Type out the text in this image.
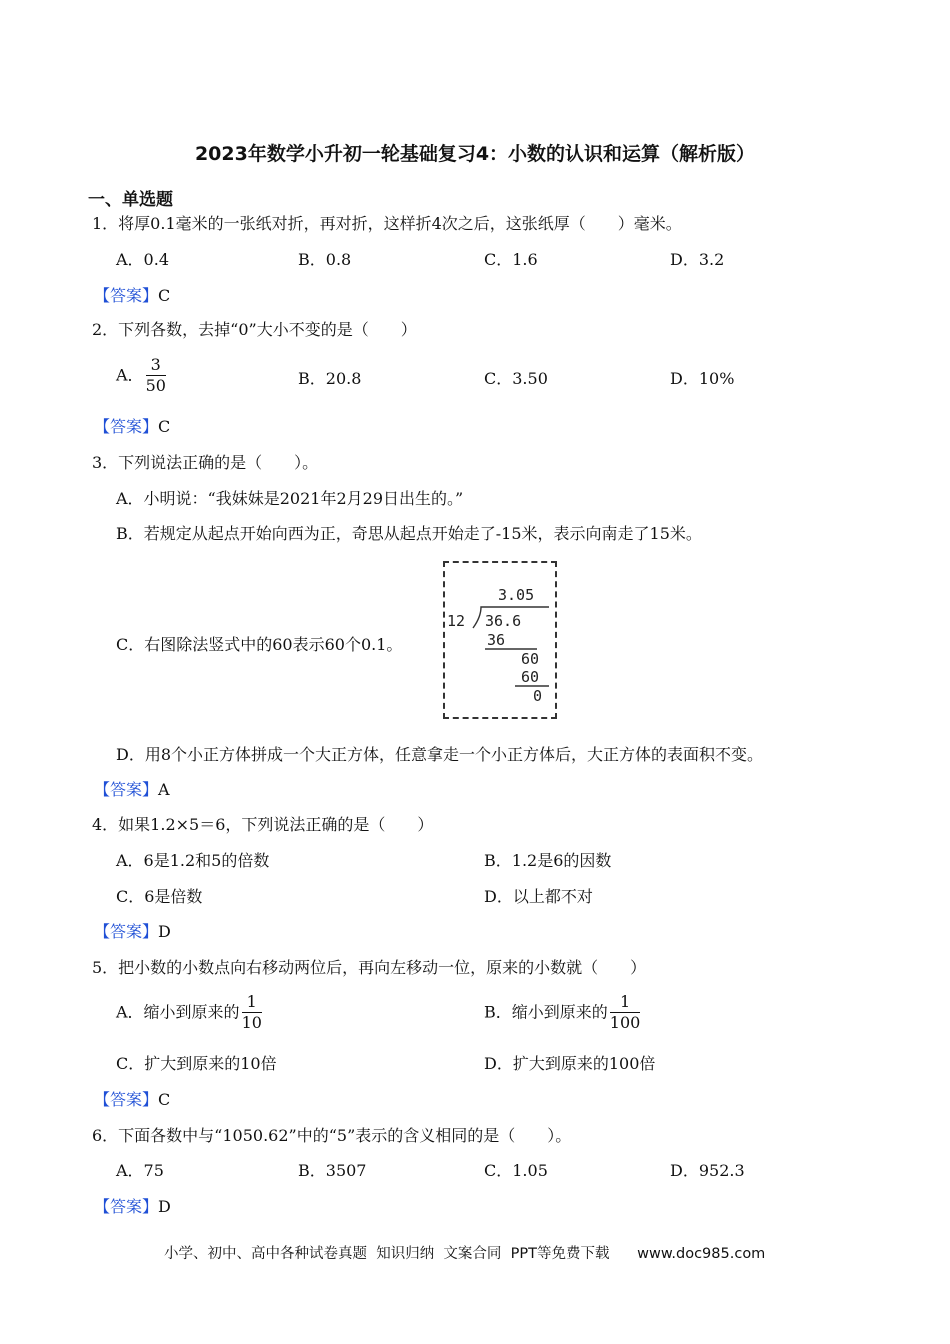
2023年数学小升初一轮基础复习4：小数的认识和运算（解析版）
一、单选题
1．将厚0.1毫米的一张纸对折，再对折，这样折4次之后，这张纸厚（　　）毫米。
A．0.4	B．0.8	C．1.6	D．3.2
【答案】C
2．下列各数，去掉“0”大小不变的是（　　）
A． $\frac{3}{50}$	B．20.8	C．3.50	D．10%
【答案】C
3．下列说法正确的是（　　）。
A．小明说：“我妹妹是2021年2月29日出生的。”
B．若规定从起点开始向西为正，奇思从起点开始走了-15米，表示向南走了15米。
C．右图除法竖式中的60表示60个0.1。
3.05
12 36.6
36
60
60
0
D．用8个小正方体拼成一个大正方体，任意拿走一个小正方体后，大正方体的表面积不变。
【答案】A
4．如果1.2×5＝6，下列说法正确的是（　　）
A．6是1.2和5的倍数	B．1.2是6的因数
C．6是倍数	D．以上都不对
【答案】D
5．把小数的小数点向右移动两位后，再向左移动一位，原来的小数就（　　）
A．缩小到原来的 $\frac{1}{10}$	B．缩小到原来的 $\frac{1}{100}$
C．扩大到原来的10倍	D．扩大到原来的100倍
【答案】C
6．下面各数中与“1050.62”中的“5”表示的含义相同的是（　　）。
A．75	B．3507	C．1.05	D．952.3
【答案】D
小学、初中、高中各种试卷真题  知识归纳  文案合同  PPT等免费下载      www.doc985.com
